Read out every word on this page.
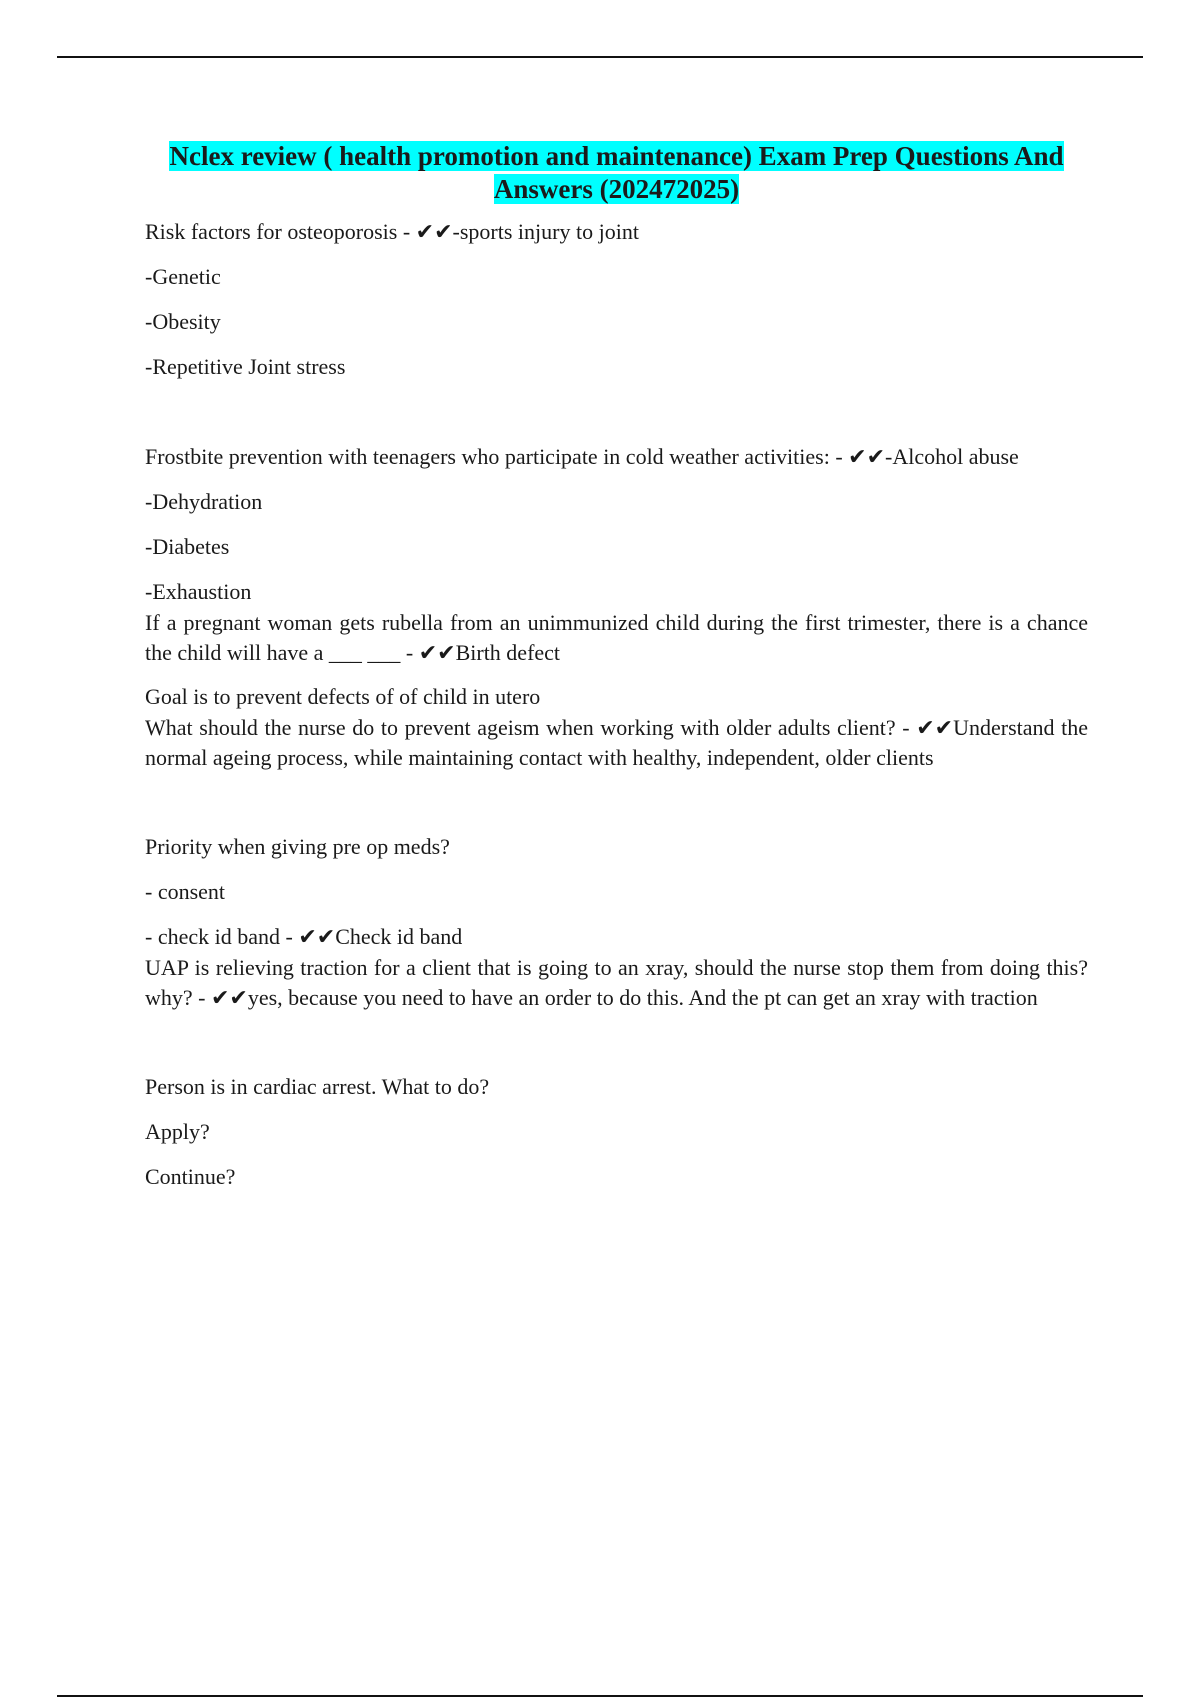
Nclex review ( health promotion and maintenance) Exam Prep Questions And Answers (202472025)

Risk factors for osteoporosis - ✔✔-sports injury to joint

-Genetic

-Obesity

-Repetitive Joint stress

Frostbite prevention with teenagers who participate in cold weather activities: - ✔✔-Alcohol abuse

-Dehydration

-Diabetes

-Exhaustion

If a pregnant woman gets rubella from an unimmunized child during the first trimester, there is a chance the child will have a ___ ___ - ✔✔Birth defect

Goal is to prevent defects of of child in utero

What should the nurse do to prevent ageism when working with older adults client? - ✔✔Understand the normal ageing process, while maintaining contact with healthy, independent, older clients

Priority when giving pre op meds?

- consent

- check id band - ✔✔Check id band

UAP is relieving traction for a client that is going to an xray, should the nurse stop them from doing this?why? - ✔✔yes, because you need to have an order to do this. And the pt can get an xray with traction

Person is in cardiac arrest. What to do?

Apply?

Continue?
